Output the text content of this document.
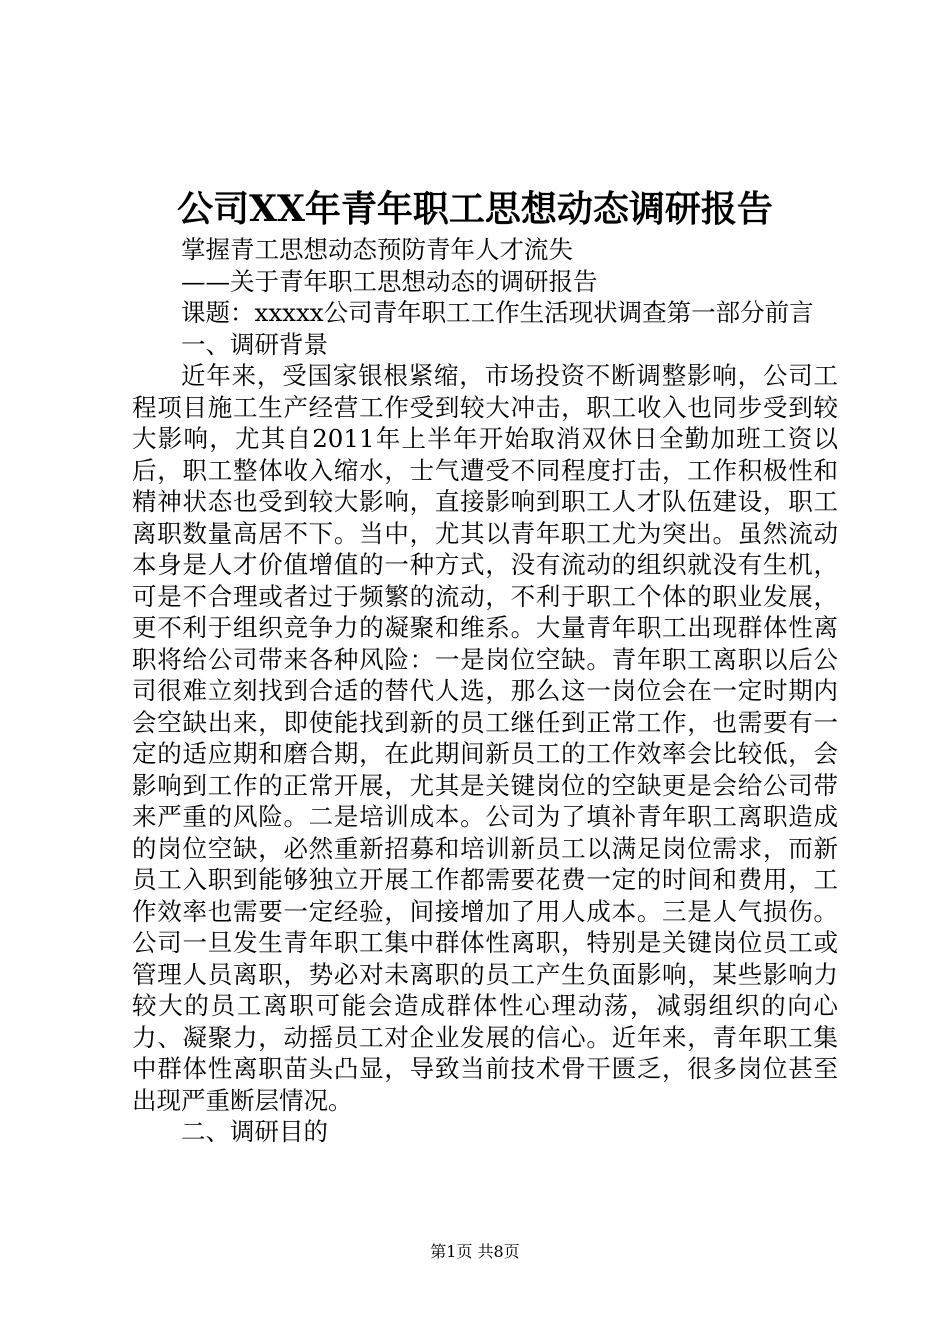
公司XX年青年职工思想动态调研报告

掌握青工思想动态预防青年人才流失

——关于青年职工思想动态的调研报告

课题：xxxxx公司青年职工工作生活现状调查第一部分前言

一、调研背景

近年来，受国家银根紧缩，市场投资不断调整影响，公司工程项目施工生产经营工作受到较大冲击，职工收入也同步受到较大影响，尤其自2011年上半年开始取消双休日全勤加班工资以后，职工整体收入缩水，士气遭受不同程度打击，工作积极性和精神状态也受到较大影响，直接影响到职工人才队伍建设，职工离职数量高居不下。当中，尤其以青年职工尤为突出。虽然流动本身是人才价值增值的一种方式，没有流动的组织就没有生机，可是不合理或者过于频繁的流动，不利于职工个体的职业发展，更不利于组织竞争力的凝聚和维系。大量青年职工出现群体性离职将给公司带来各种风险：一是岗位空缺。青年职工离职以后公司很难立刻找到合适的替代人选，那么这一岗位会在一定时期内会空缺出来，即使能找到新的员工继任到正常工作，也需要有一定的适应期和磨合期，在此期间新员工的工作效率会比较低，会影响到工作的正常开展，尤其是关键岗位的空缺更是会给公司带来严重的风险。二是培训成本。公司为了填补青年职工离职造成的岗位空缺，必然重新招募和培训新员工以满足岗位需求，而新员工入职到能够独立开展工作都需要花费一定的时间和费用，工作效率也需要一定经验，间接增加了用人成本。三是人气损伤。公司一旦发生青年职工集中群体性离职，特别是关键岗位员工或管理人员离职，势必对未离职的员工产生负面影响，某些影响力较大的员工离职可能会造成群体性心理动荡，减弱组织的向心力、凝聚力，动摇员工对企业发展的信心。近年来，青年职工集中群体性离职苗头凸显，导致当前技术骨干匮乏，很多岗位甚至出现严重断层情况。

二、调研目的

第1页 共8页
